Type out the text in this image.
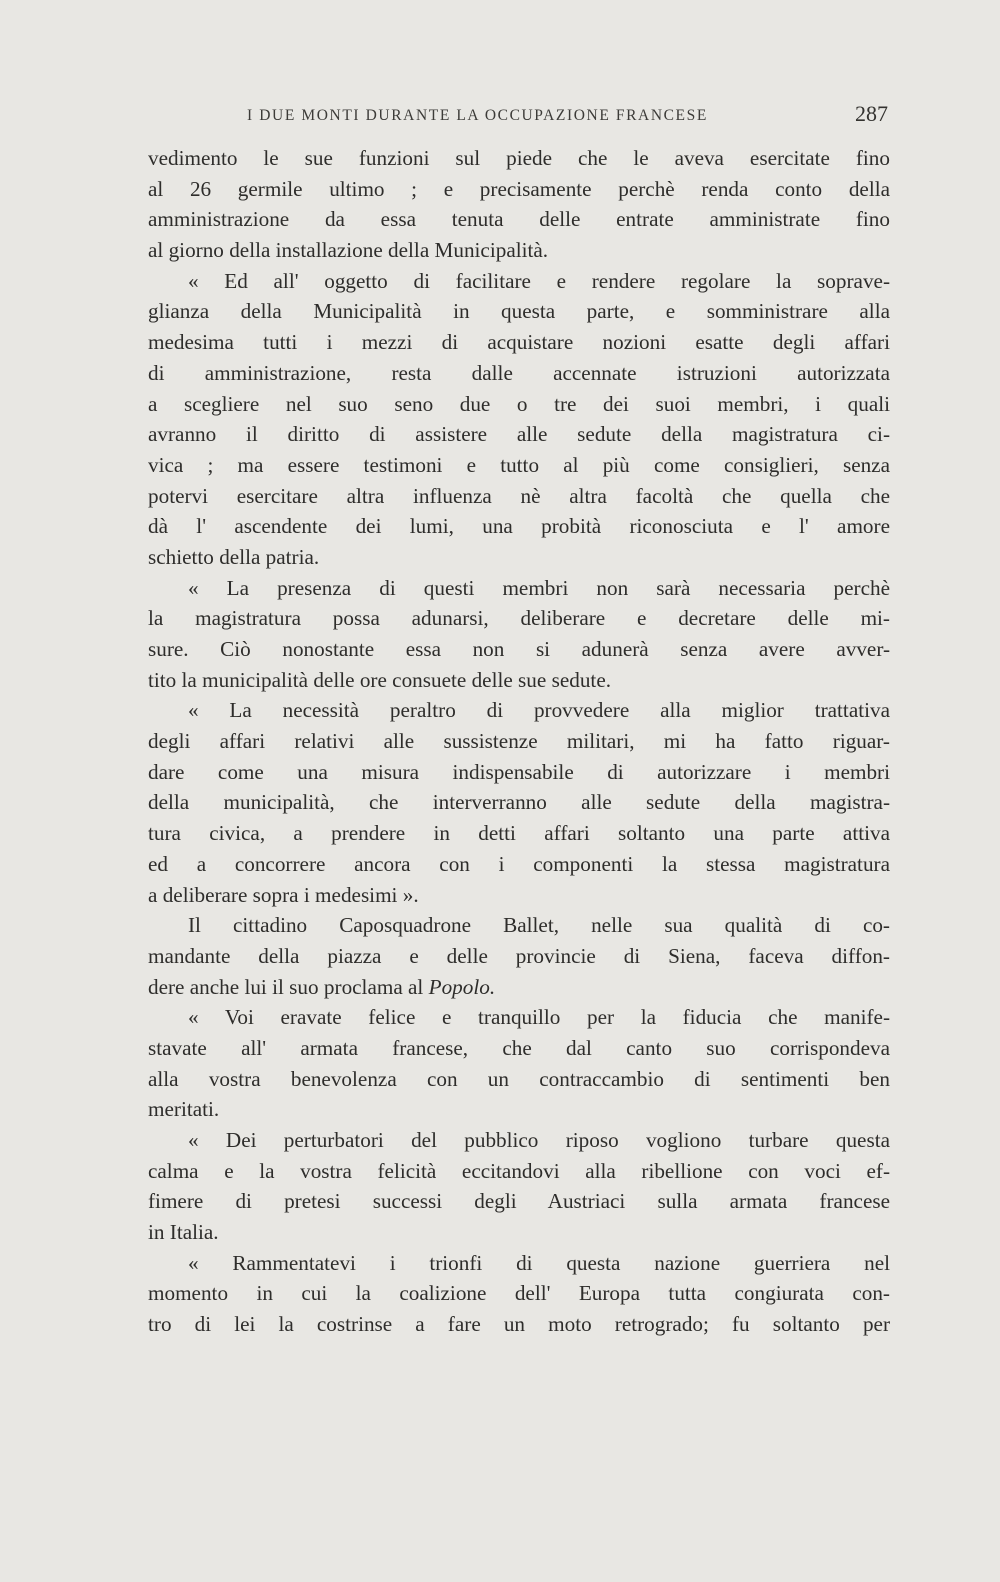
I DUE MONTI DURANTE LA OCCUPAZIONE FRANCESE	287
vedimento le sue funzioni sul piede che le aveva esercitate fino
al 26 germile ultimo ; e precisamente perchè renda conto della
amministrazione da essa tenuta delle entrate amministrate fino
al giorno della installazione della Municipalità.
« Ed all' oggetto di facilitare e rendere regolare la soprave-
glianza della Municipalità in questa parte, e somministrare alla
medesima tutti i mezzi di acquistare nozioni esatte degli affari
di amministrazione, resta dalle accennate istruzioni autorizzata
a scegliere nel suo seno due o tre dei suoi membri, i quali
avranno il diritto di assistere alle sedute della magistratura ci-
vica ; ma essere testimoni e tutto al più come consiglieri, senza
potervi esercitare altra influenza nè altra facoltà che quella che
dà l' ascendente dei lumi, una probità riconosciuta e l' amore
schietto della patria.
« La presenza di questi membri non sarà necessaria perchè
la magistratura possa adunarsi, deliberare e decretare delle mi-
sure. Ciò nonostante essa non si adunerà senza avere avver-
tito la municipalità delle ore consuete delle sue sedute.
« La necessità peraltro di provvedere alla miglior trattativa
degli affari relativi alle sussistenze militari, mi ha fatto riguar-
dare come una misura indispensabile di autorizzare i membri
della municipalità, che interverranno alle sedute della magistra-
tura civica, a prendere in detti affari soltanto una parte attiva
ed a concorrere ancora con i componenti la stessa magistratura
a deliberare sopra i medesimi ».
Il cittadino Caposquadrone Ballet, nelle sua qualità di co-
mandante della piazza e delle provincie di Siena, faceva diffon-
dere anche lui il suo proclama al Popolo.
« Voi eravate felice e tranquillo per la fiducia che manife-
stavate all' armata francese, che dal canto suo corrispondeva
alla vostra benevolenza con un contraccambio di sentimenti ben
meritati.
« Dei perturbatori del pubblico riposo vogliono turbare questa
calma e la vostra felicità eccitandovi alla ribellione con voci ef-
fimere di pretesi successi degli Austriaci sulla armata francese
in Italia.
« Rammentatevi i trionfi di questa nazione guerriera nel
momento in cui la coalizione dell' Europa tutta congiurata con-
tro di lei la costrinse a fare un moto retrogrado; fu soltanto per
